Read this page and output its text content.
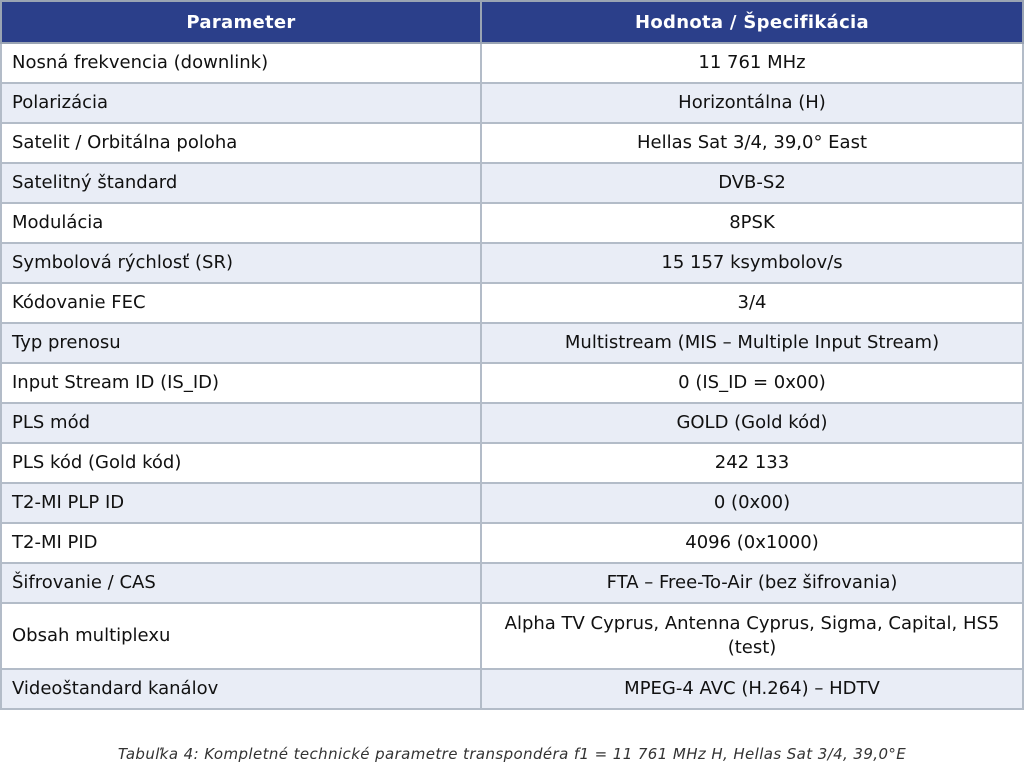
Parameter	Hodnota / Špecifikácia
Nosná frekvencia (downlink)	11 761 MHz
Polarizácia	Horizontálna (H)
Satelit / Orbitálna poloha	Hellas Sat 3/4, 39,0° East
Satelitný štandard	DVB-S2
Modulácia	8PSK
Symbolová rýchlosť (SR)	15 157 ksymbolov/s
Kódovanie FEC	3/4
Typ prenosu	Multistream (MIS – Multiple Input Stream)
Input Stream ID (IS_ID)	0 (IS_ID = 0x00)
PLS mód	GOLD (Gold kód)
PLS kód (Gold kód)	242 133
T2-MI PLP ID	0 (0x00)
T2-MI PID	4096 (0x1000)
Šifrovanie / CAS	FTA – Free-To-Air (bez šifrovania)
Obsah multiplexu	Alpha TV Cyprus, Antenna Cyprus, Sigma, Capital, HS5 (test)
Videoštandard kanálov	MPEG-4 AVC (H.264) – HDTV
Tabuľka 4: Kompletné technické parametre transpondéra f1 = 11 761 MHz H, Hellas Sat 3/4, 39,0°E
